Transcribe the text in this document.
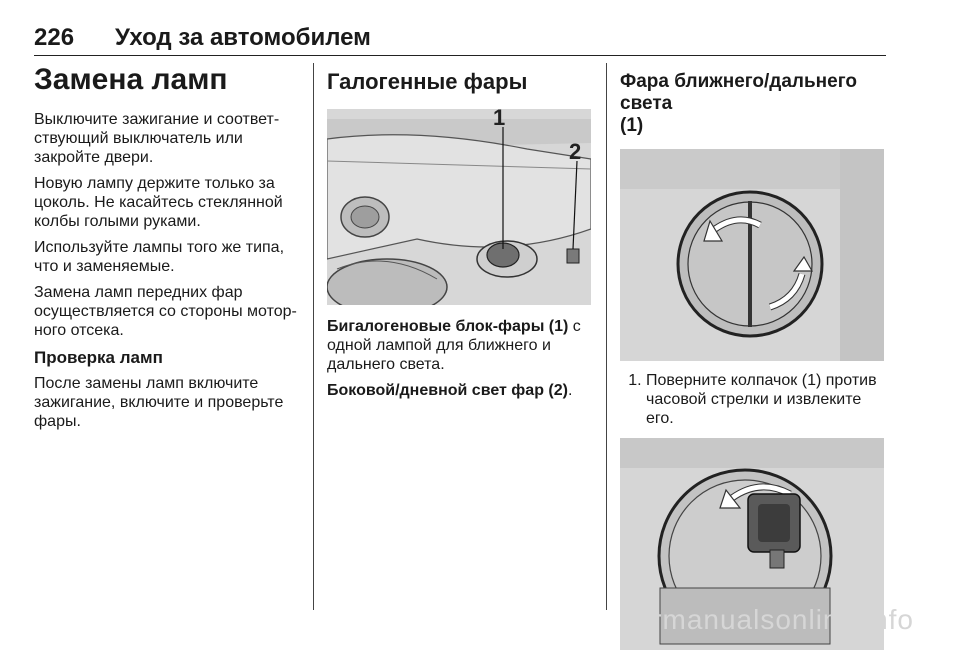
226 Уход за автомобилем
Замена ламп

Выключите зажигание и соответ-
ствующий выключатель или
закройте двери.

Новую лампу держите только за
цоколь. Не касайтесь стеклянной
колбы голыми руками.

Используйте лампы того же типа,
что и заменяемые.

Замена ламп передних фар
осуществляется со стороны мотор-
ного отсека.

Проверка ламп

После замены ламп включите
зажигание, включите и проверьте
фары.

Галогенные фары
1
2

Бигалогеновые блок-фары (1) с
одной лампой для ближнего и
дальнего света.

Боковой/дневной свет фар (2).

Фара ближнего/дальнего света
(1)
1. Поверните колпачок (1) против
часовой стрелки и извлеките
его.
carmanualsonline.info
